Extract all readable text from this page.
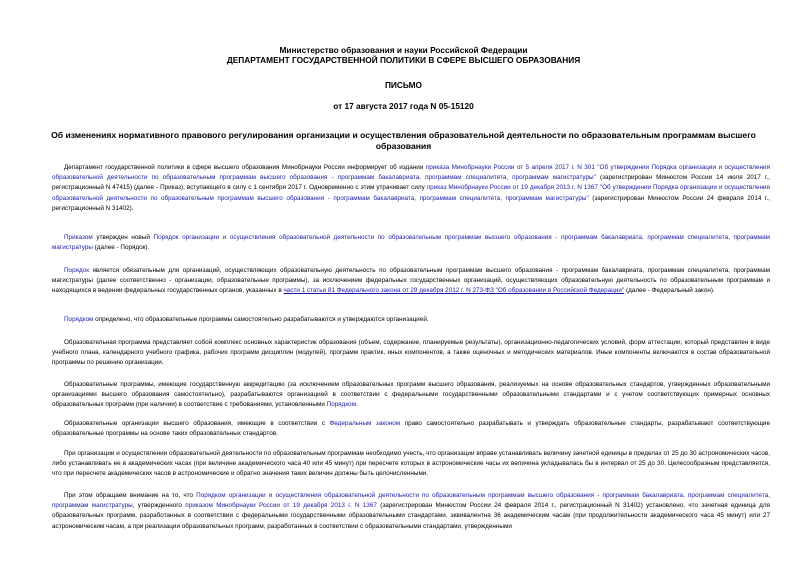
Министерство образования и науки Российской Федерации
ДЕПАРТАМЕНТ ГОСУДАРСТВЕННОЙ ПОЛИТИКИ В СФЕРЕ ВЫСШЕГО ОБРАЗОВАНИЯ
ПИСЬМО
от 17 августа 2017 года N 05-15120
Об изменениях нормативного правового регулирования организации и осуществления образовательной деятельности по образовательным программам высшего образования

Департамент государственной политики в сфере высшего образования Минобрнауки России информирует об издании приказа Минобрнауки России от 5 апреля 2017 г. N 301 "Об утверждении Порядка организации и осуществления образовательной деятельности по образовательным программам высшего образования - программам бакалавриата, программам специалитета, программам магистратуры" (зарегистрирован Минюстом России 14 июля 2017 г., регистрационный N 47415) (далее - Приказ), вступающего в силу с 1 сентября 2017 г. Одновременно с этим утрачивает силу приказ Минобрнауки России от 19 декабря 2013 г. N 1367 "Об утверждении Порядка организации и осуществления образовательной деятельности по образовательным программам высшего образования - программам бакалавриата, программам специалитета, программам магистратуры" (зарегистрирован Минюстом России 24 февраля 2014 г., регистрационный N 31402).

Приказом утвержден новый Порядок организации и осуществления образовательной деятельности по образовательным программам высшего образования - программам бакалавриата, программам специалитета, программам магистратуры (далее - Порядок).

Порядок является обязательным для организаций, осуществляющих образовательную деятельность по образовательным программам высшего образования - программам бакалавриата, программам специалитета, программам магистратуры (далее соответственно - организации, образовательные программы), за исключением федеральных государственных организаций, осуществляющих образовательную деятельность по образовательным программам и находящихся в ведении федеральных государственных органов, указанных в части 1 статьи 81 Федерального закона от 29 декабря 2012 г. N 273-ФЗ "Об образовании в Российской Федерации" (далее - Федеральный закон).

Порядком определено, что образовательные программы самостоятельно разрабатываются и утверждаются организацией.

Образовательная программа представляет собой комплекс основных характеристик образования (объем, содержание, планируемые результаты), организационно-педагогических условий, форм аттестации, который представлен в виде учебного плана, календарного учебного графика, рабочих программ дисциплин (модулей), программ практик, иных компонентов, а также оценочных и методических материалов. Иные компоненты включаются в состав образовательной программы по решению организации.

Образовательные программы, имеющие государственную аккредитацию (за исключением образовательных программ высшего образования, реализуемых на основе образовательных стандартов, утвержденных образовательными организациями высшего образования самостоятельно), разрабатываются организацией в соответствии с федеральными государственными образовательными стандартами и с учетом соответствующих примерных основных образовательных программ (при наличии) в соответствие с требованиями, установленными Порядком.

Образовательные организации высшего образования, имеющие в соответствии с Федеральным законом право самостоятельно разрабатывать и утверждать образовательные стандарты, разрабатывают соответствующие образовательные программы на основе таких образовательных стандартов.

При организации и осуществлении образовательной деятельности по образовательным программам необходимо учесть, что организации вправе устанавливать величину зачетной единицы в пределах от 25 до 30 астрономических часов, либо устанавливать ее в академических часах (при величине академического часа 40 или 45 минут) при пересчете которых в астрономические часы их величина укладывалась бы в интервал от 25 до 30. Целесообразным представляется, что при пересчете академических часов в астрономические и обратно значения таких величин должны быть целочисленными.

При этом обращаем внимание на то, что Порядком организации и осуществления образовательной деятельности по образовательным программам высшего образования - программам бакалавриата, программам специалитета, программам магистратуры, утвержденного приказом Минобрнауки России от 19 декабря 2013 г. N 1367 (зарегистрирован Минюстом России 24 февраля 2014 г., регистрационный N 31402) установлено, что зачетная единица для образовательных программ, разработанных в соответствии с федеральными государственными образовательными стандартами, эквивалентна 36 академическим часам (при продолжительности академического часа 45 минут) или 27 астрономическим часам, а при реализации образовательных программ, разработанных в соответствии с образовательными стандартами, утвержденными
